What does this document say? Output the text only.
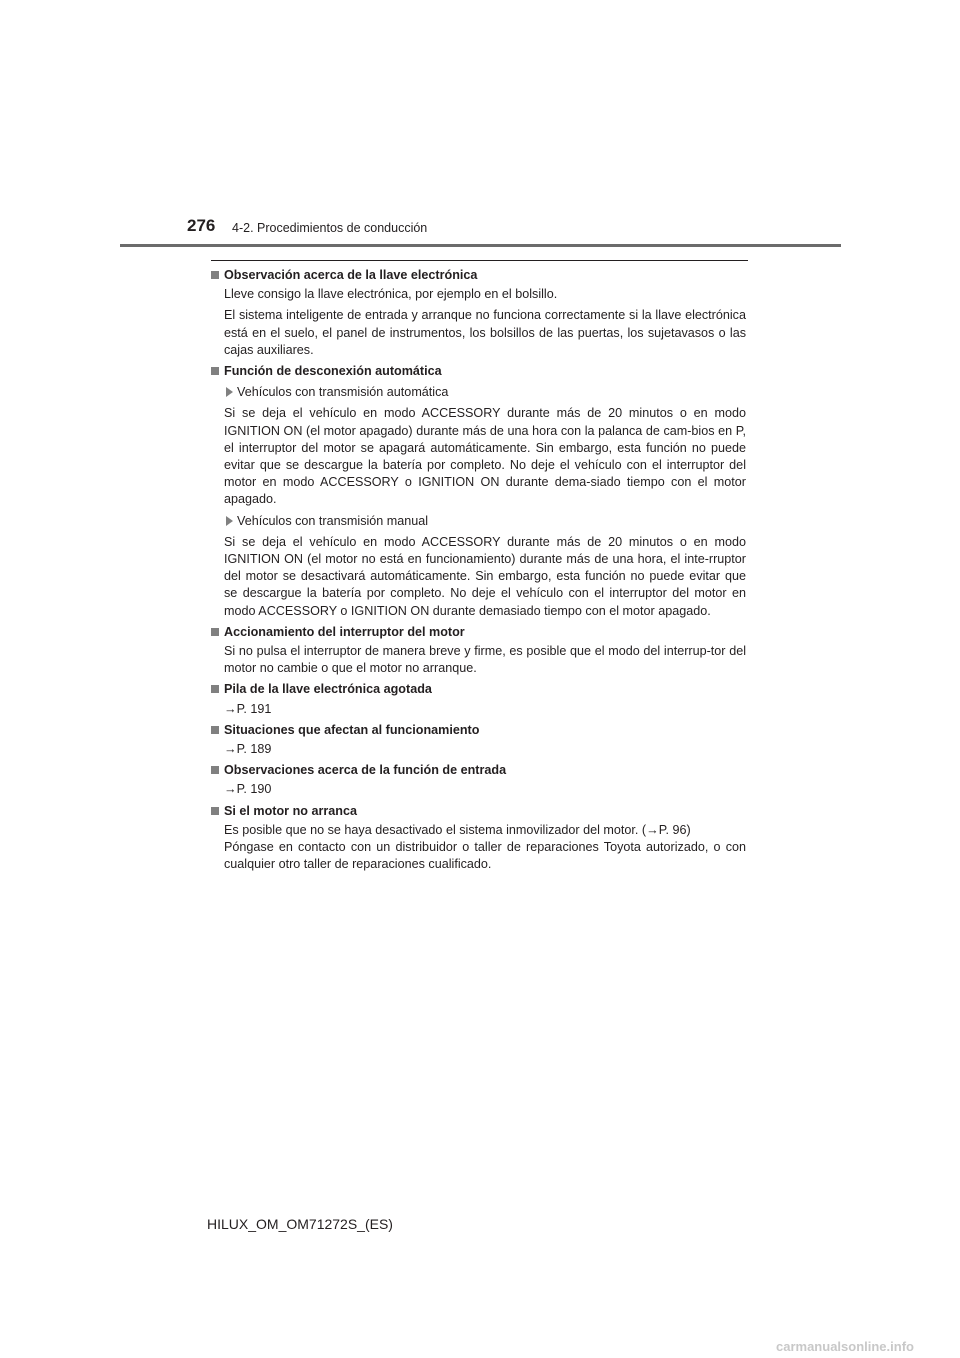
276 4-2. Procedimientos de conducción
Observación acerca de la llave electrónica
Lleve consigo la llave electrónica, por ejemplo en el bolsillo.
El sistema inteligente de entrada y arranque no funciona correctamente si la llave electrónica está en el suelo, el panel de instrumentos, los bolsillos de las puertas, los sujetavasos o las cajas auxiliares.
Función de desconexión automática
Vehículos con transmisión automática
Si se deja el vehículo en modo ACCESSORY durante más de 20 minutos o en modo IGNITION ON (el motor apagado) durante más de una hora con la palanca de cam-bios en P, el interruptor del motor se apagará automáticamente. Sin embargo, esta función no puede evitar que se descargue la batería por completo. No deje el vehículo con el interruptor del motor en modo ACCESSORY o IGNITION ON durante dema-siado tiempo con el motor apagado.
Vehículos con transmisión manual
Si se deja el vehículo en modo ACCESSORY durante más de 20 minutos o en modo IGNITION ON (el motor no está en funcionamiento) durante más de una hora, el inte-rruptor del motor se desactivará automáticamente. Sin embargo, esta función no puede evitar que se descargue la batería por completo. No deje el vehículo con el interruptor del motor en modo ACCESSORY o IGNITION ON durante demasiado tiempo con el motor apagado.
Accionamiento del interruptor del motor
Si no pulsa el interruptor de manera breve y firme, es posible que el modo del interrup-tor del motor no cambie o que el motor no arranque.
Pila de la llave electrónica agotada
→P. 191
Situaciones que afectan al funcionamiento
→P. 189
Observaciones acerca de la función de entrada
→P. 190
Si el motor no arranca
Es posible que no se haya desactivado el sistema inmovilizador del motor. (→P. 96)
Póngase en contacto con un distribuidor o taller de reparaciones Toyota autorizado, o con cualquier otro taller de reparaciones cualificado.
HILUX_OM_OM71272S_(ES)
carmanualsonline.info
